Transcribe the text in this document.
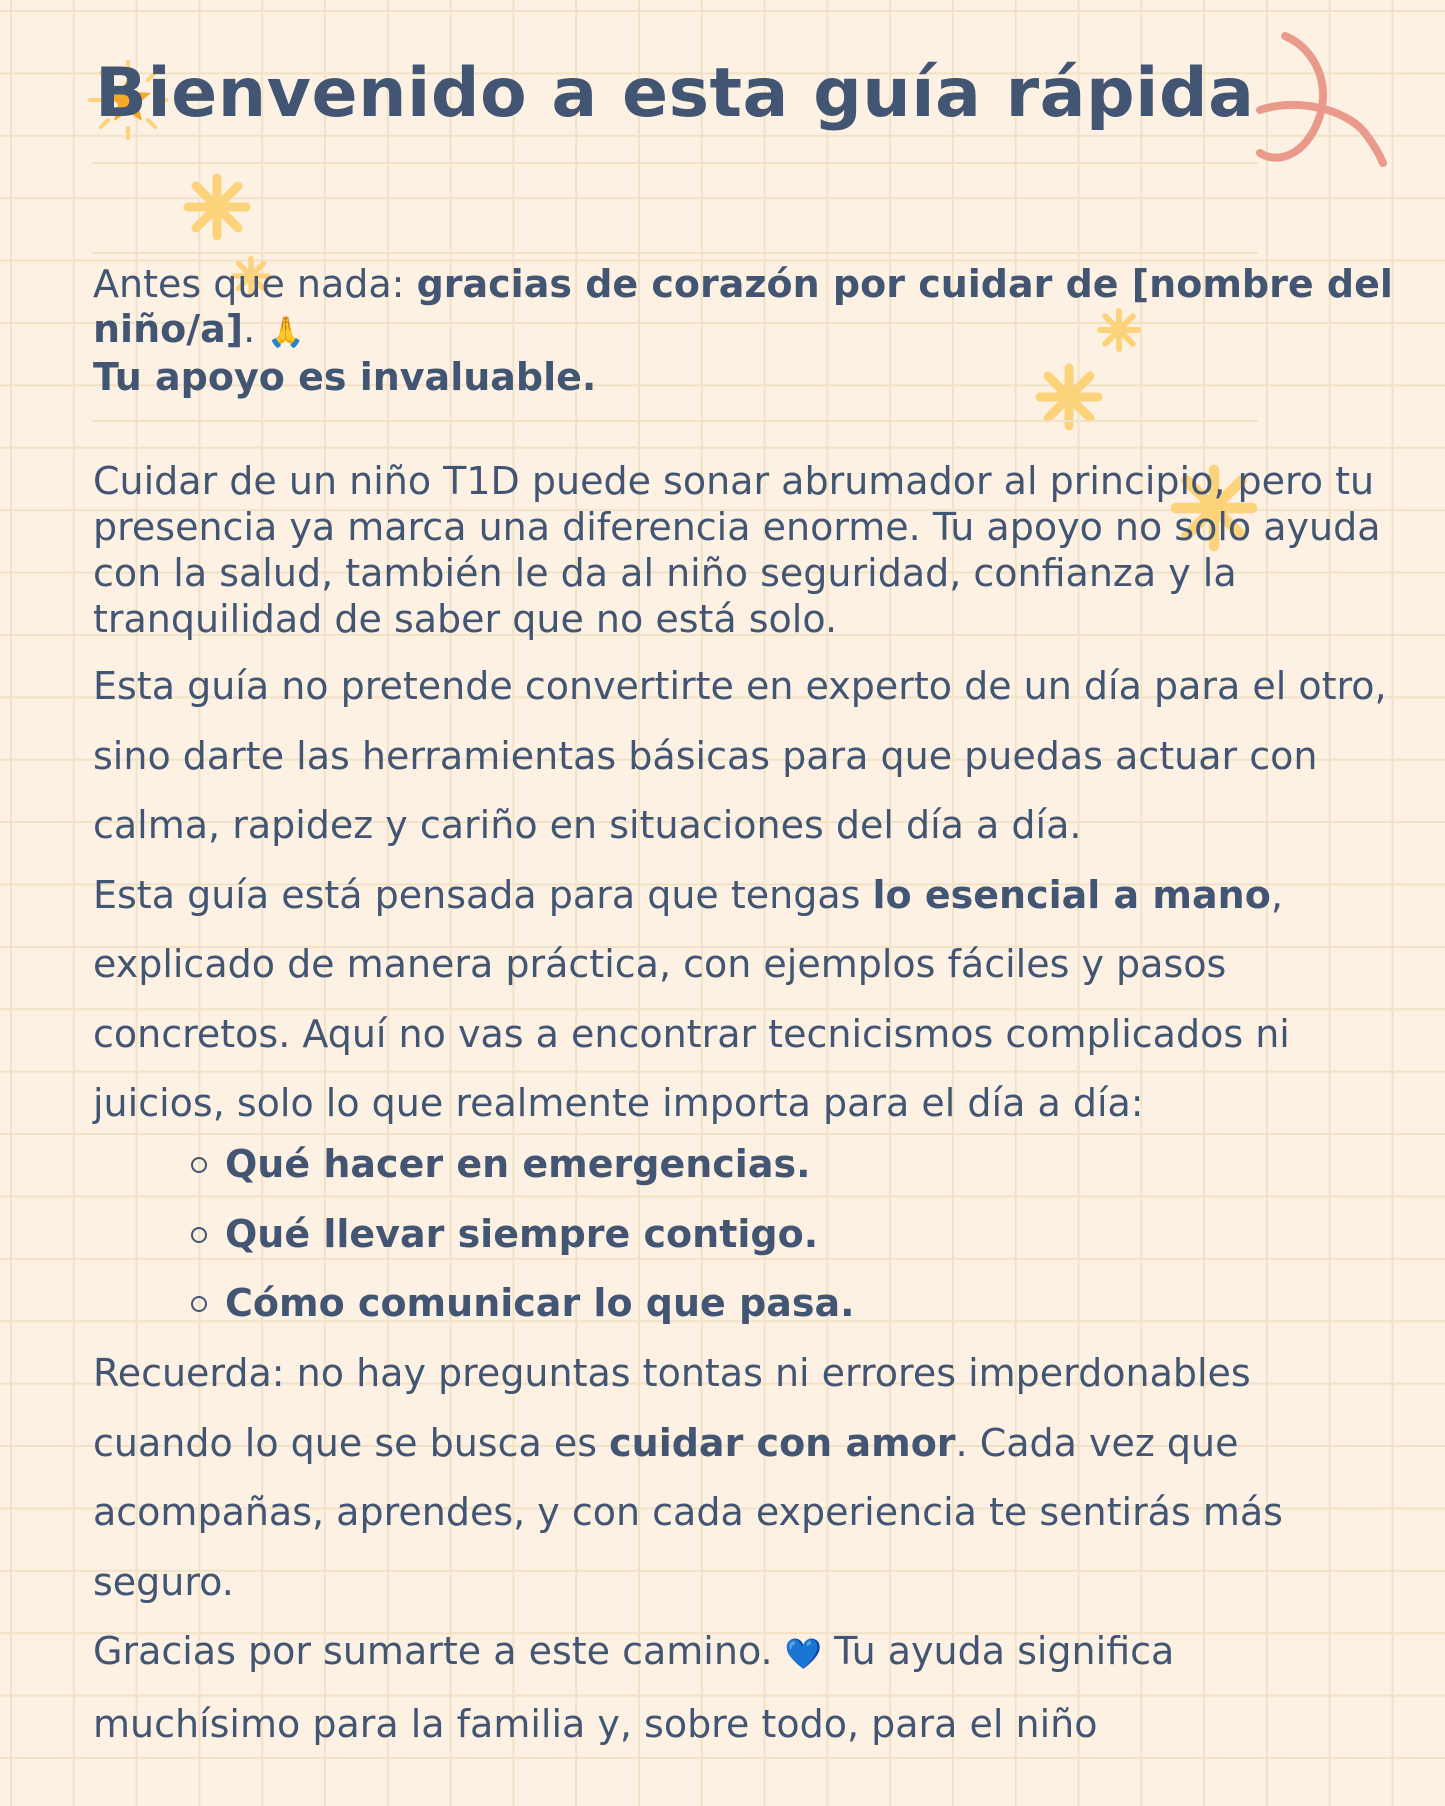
Bienvenido a esta guía rápida
Antes que nada: gracias de corazón por cuidar de [nombre del
niño/a]. 🙏
Tu apoyo es invaluable.
Cuidar de un niño T1D puede sonar abrumador al principio, pero tu
presencia ya marca una diferencia enorme. Tu apoyo no solo ayuda
con la salud, también le da al niño seguridad, confianza y la
tranquilidad de saber que no está solo.
Esta guía no pretende convertirte en experto de un día para el otro,
sino darte las herramientas básicas para que puedas actuar con
calma, rapidez y cariño en situaciones del día a día.
Esta guía está pensada para que tengas lo esencial a mano,
explicado de manera práctica, con ejemplos fáciles y pasos
concretos. Aquí no vas a encontrar tecnicismos complicados ni
juicios, solo lo que realmente importa para el día a día:
Qué hacer en emergencias.
Qué llevar siempre contigo.
Cómo comunicar lo que pasa.
Recuerda: no hay preguntas tontas ni errores imperdonables
cuando lo que se busca es cuidar con amor. Cada vez que
acompañas, aprendes, y con cada experiencia te sentirás más
seguro.
Gracias por sumarte a este camino. 💙 Tu ayuda significa
muchísimo para la familia y, sobre todo, para el niño
